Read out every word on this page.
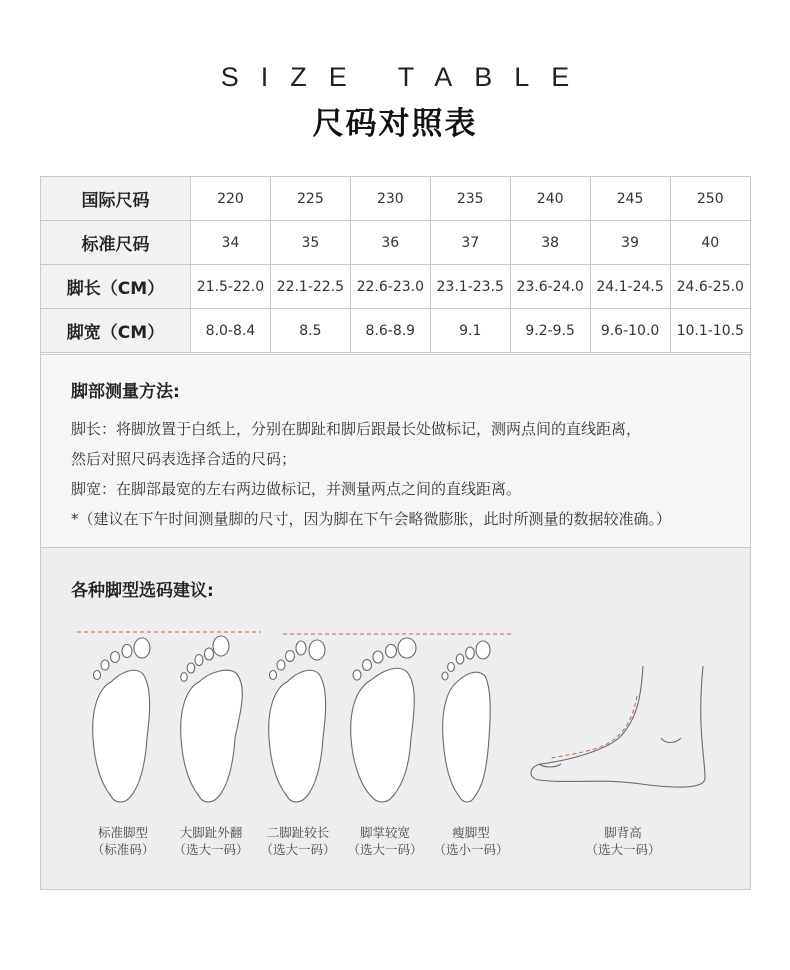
SIZE TABLE
尺码对照表
国际尺码	220	225	230	235	240	245	250
标准尺码	34	35	36	37	38	39	40
脚长（CM）	21.5-22.0	22.1-22.5	22.6-23.0	23.1-23.5	23.6-24.0	24.1-24.5	24.6-25.0
脚宽（CM）	8.0-8.4	8.5	8.6-8.9	9.1	9.2-9.5	9.6-10.0	10.1-10.5
脚部测量方法:

脚长：将脚放置于白纸上，分别在脚趾和脚后跟最长处做标记，测两点间的直线距离，

然后对照尺码表选择合适的尺码；

脚宽：在脚部最宽的左右两边做标记，并测量两点之间的直线距离。

*（建议在下午时间测量脚的尺寸，因为脚在下午会略微膨胀，此时所测量的数据较准确。）

各种脚型选码建议:
标准脚型
（标准码）
大脚趾外翻
（选大一码）
二脚趾较长
（选大一码）
脚掌较宽
（选大一码）
瘦脚型
（选小一码）
脚背高
（选大一码）
